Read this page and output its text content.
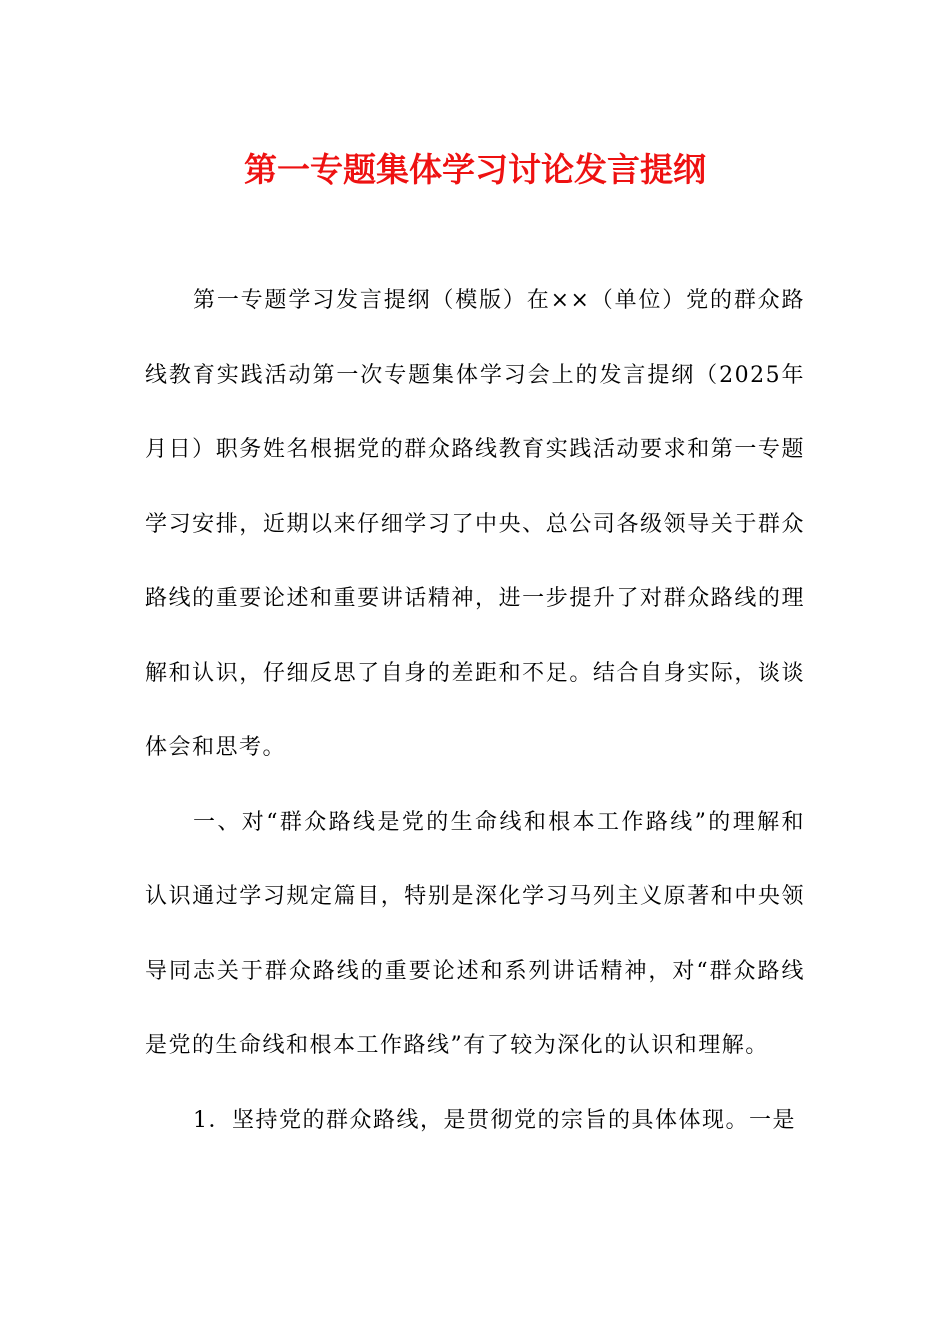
第一专题集体学习讨论发言提纲

第一专题学习发言提纲（模版）在××（单位）党的群众路线教育实践活动第一次专题集体学习会上的发言提纲（2025年月日）职务姓名根据党的群众路线教育实践活动要求和第一专题学习安排，近期以来仔细学习了中央、总公司各级领导关于群众路线的重要论述和重要讲话精神，进一步提升了对群众路线的理解和认识，仔细反思了自身的差距和不足。结合自身实际，谈谈体会和思考。

一、对“群众路线是党的生命线和根本工作路线”的理解和认识通过学习规定篇目，特别是深化学习马列主义原著和中央领导同志关于群众路线的重要论述和系列讲话精神，对“群众路线是党的生命线和根本工作路线”有了较为深化的认识和理解。

1．坚持党的群众路线，是贯彻党的宗旨的具体体现。一是
